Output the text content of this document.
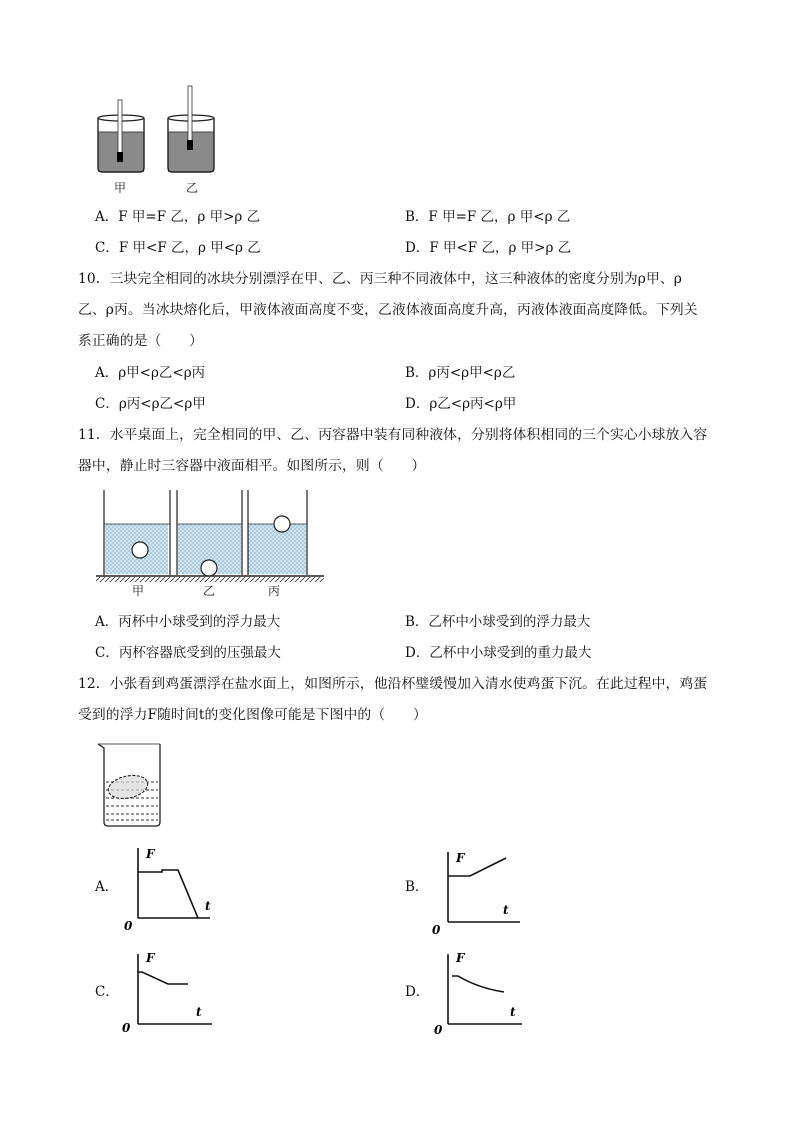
甲	乙
A．F 甲=F 乙，ρ 甲>ρ 乙	B．F 甲=F 乙，ρ 甲<ρ 乙
C．F 甲<F 乙，ρ 甲<ρ 乙	D．F 甲<F 乙，ρ 甲>ρ 乙
10．三块完全相同的冰块分别漂浮在甲、乙、丙三种不同液体中，这三种液体的密度分别为ρ甲、ρ乙、ρ丙。当冰块熔化后，甲液体液面高度不变，乙液体液面高度升高，丙液体液面高度降低。下列关系正确的是（　　）
A．ρ甲<ρ乙<ρ丙	B．ρ丙<ρ甲<ρ乙
C．ρ丙<ρ乙<ρ甲	D．ρ乙<ρ丙<ρ甲
11．水平桌面上，完全相同的甲、乙、丙容器中装有同种液体，分别将体积相同的三个实心小球放入容器中，静止时三容器中液面相平。如图所示，则（　　）
甲	乙	丙
A．丙杯中小球受到的浮力最大	B．乙杯中小球受到的浮力最大
C．丙杯容器底受到的压强最大	D．乙杯中小球受到的重力最大
12．小张看到鸡蛋漂浮在盐水面上，如图所示，他沿杯璧缓慢加入清水使鸡蛋下沉。在此过程中，鸡蛋受到的浮力F随时间t的变化图像可能是下图中的（　　）
A．
F
t
0
B．
F
t
0
C．
F
t
0
D．
F
t
0
